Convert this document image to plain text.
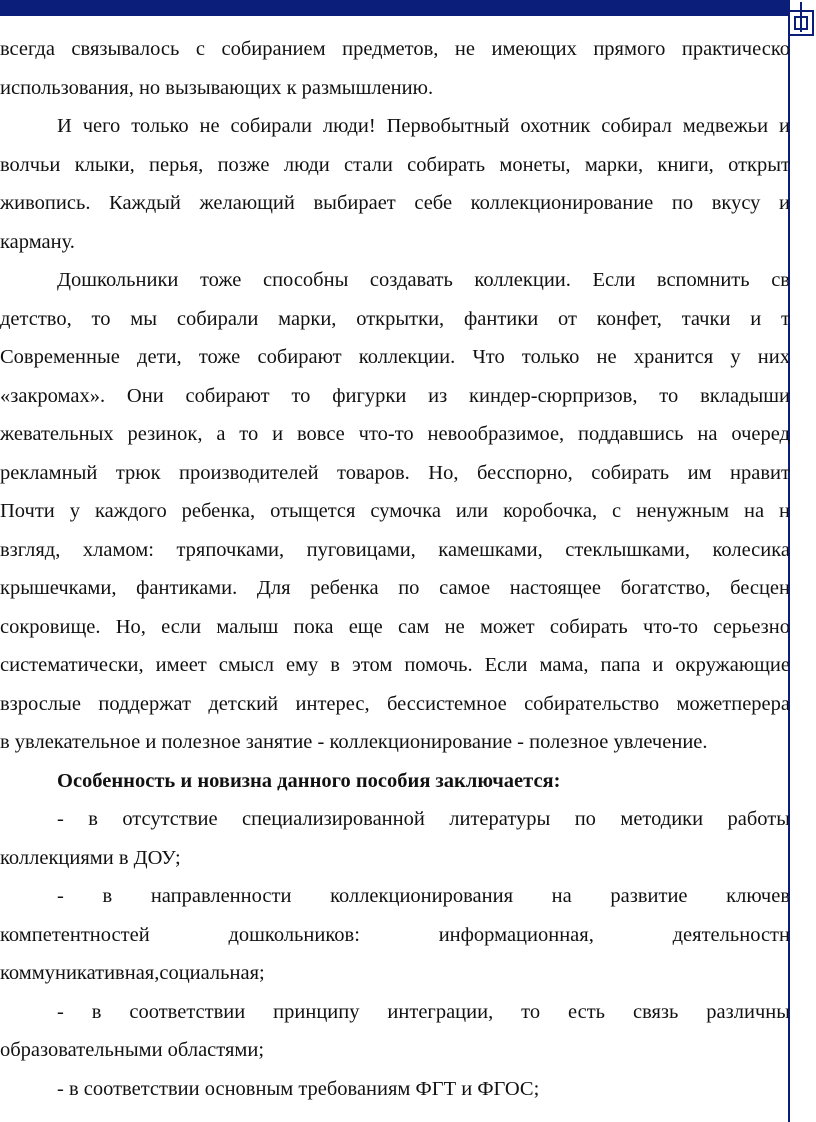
всегда связывалось с собиранием предметов, не имеющих прямого практическо
использования, но вызывающих к размышлению.
И чего только не собирали люди! Первобытный охотник собирал медвежьи и
волчьи клыки, перья, позже люди стали собирать монеты, марки, книги, открыт
живопись. Каждый желающий выбирает себе коллекционирование по вкусу и
карману.
Дошкольники тоже способны создавать коллекции. Если вспомнить св
детство, то мы собирали марки, открытки, фантики от конфет, тачки и т
Современные дети, тоже собирают коллекции. Что только не хранится у них
«закромах». Они собирают то фигурки из киндер-сюрпризов, то вкладыши
жевательных резинок, а то и вовсе что-то невообразимое, поддавшись на очеред
рекламный трюк производителей товаров. Но, бесспорно, собирать им нравит
Почти у каждого ребенка, отыщется сумочка или коробочка, с ненужным на н
взгляд, хламом: тряпочками, пуговицами, камешками, стеклышками, колесика
крышечками, фантиками. Для ребенка по самое настоящее богатство, бесцен
сокровище. Но, если малыш пока еще сам не может собирать что-то серьезно
систематически, имеет смысл ему в этом помочь. Если мама, папа и окружающие
взрослые поддержат детский интерес, бессистемное собирательство можетперера
в увлекательное и полезное занятие - коллекционирование - полезное увлечение.
Особенность и новизна данного пособия заключается:
- в отсутствие специализированной литературы по методики работы
коллекциями в ДОУ;
- в направленности коллекционирования на развитие ключев
компетентностей дошкольников: информационная, деятельностн
коммуникативная,социальная;
- в соответствии принципу интеграции, то есть связь различны
образовательными областями;
- в соответствии основным требованиям ФГТ и ФГОС;
